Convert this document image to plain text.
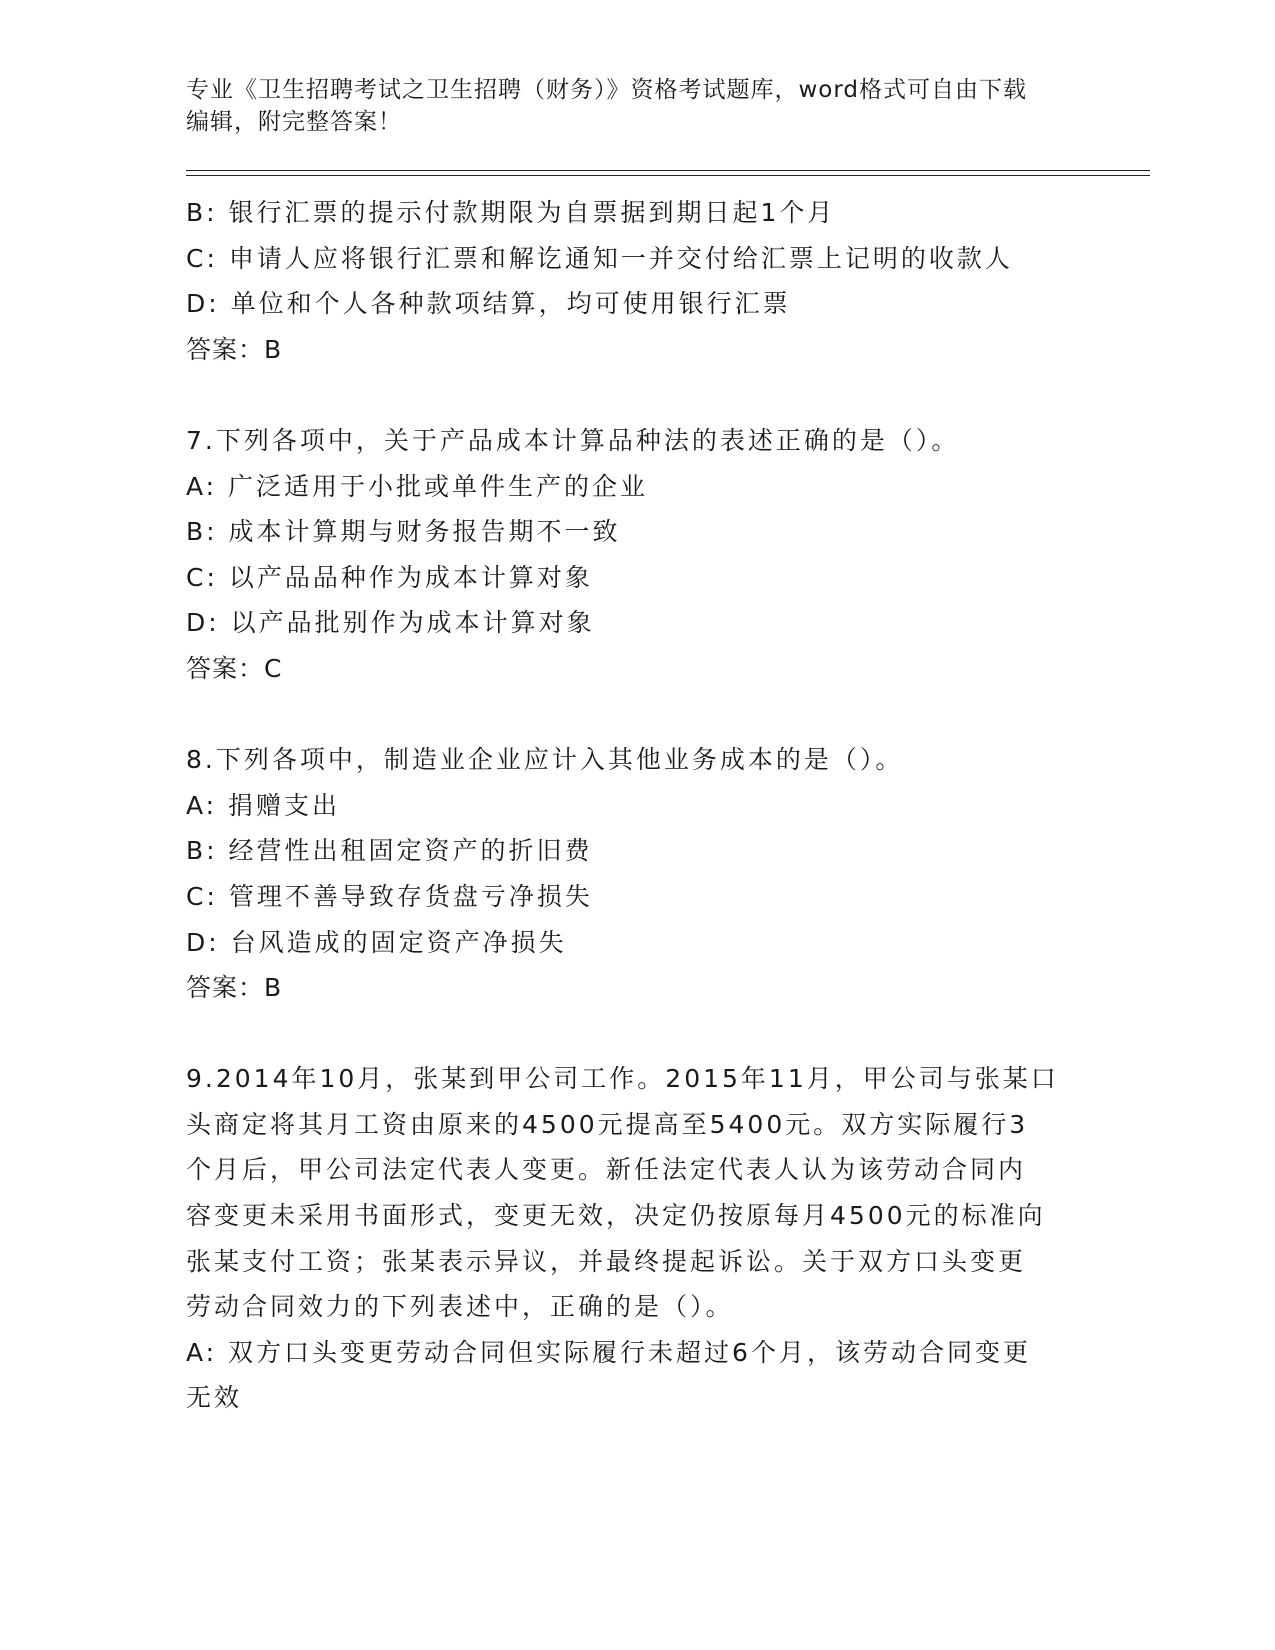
专业《卫生招聘考试之卫生招聘（财务）》资格考试题库，word格式可自由下载
编辑，附完整答案！
B: 银行汇票的提示付款期限为自票据到期日起1个月
C: 申请人应将银行汇票和解讫通知一并交付给汇票上记明的收款人
D: 单位和个人各种款项结算，均可使用银行汇票
答案：B
7.下列各项中，关于产品成本计算品种法的表述正确的是（）。
A: 广泛适用于小批或单件生产的企业
B: 成本计算期与财务报告期不一致
C: 以产品品种作为成本计算对象
D: 以产品批别作为成本计算对象
答案：C
8.下列各项中，制造业企业应计入其他业务成本的是（）。
A: 捐赠支出
B: 经营性出租固定资产的折旧费
C: 管理不善导致存货盘亏净损失
D: 台风造成的固定资产净损失
答案：B
9.2014年10月，张某到甲公司工作。2015年11月，甲公司与张某口
头商定将其月工资由原来的4500元提高至5400元。双方实际履行3
个月后，甲公司法定代表人变更。新任法定代表人认为该劳动合同内
容变更未采用书面形式，变更无效，决定仍按原每月4500元的标准向
张某支付工资；张某表示异议，并最终提起诉讼。关于双方口头变更
劳动合同效力的下列表述中，正确的是（）。
A: 双方口头变更劳动合同但实际履行未超过6个月，该劳动合同变更
无效
